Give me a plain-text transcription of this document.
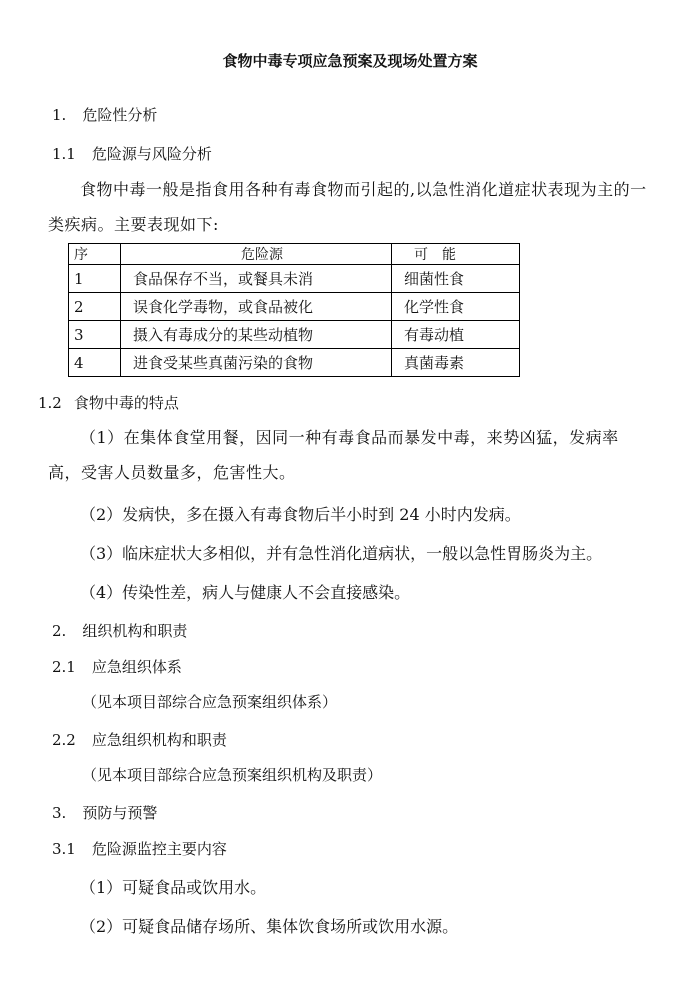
食物中毒专项应急预案及现场处置方案
1. 危险性分析
1.1 危险源与风险分析
食物中毒一般是指食用各种有毒食物而引起的,以急性消化道症状表现为主的一类疾病。主要表现如下:
序	危险源	可　能
1	食品保存不当，或餐具未消	细菌性食
2	误食化学毒物，或食品被化	化学性食
3	摄入有毒成分的某些动植物	有毒动植
4	进食受某些真菌污染的食物	真菌毒素
1.2 食物中毒的特点
（1）在集体食堂用餐，因同一种有毒食品而暴发中毒，来势凶猛，发病率高，受害人员数量多，危害性大。
（2）发病快，多在摄入有毒食物后半小时到 24 小时内发病。
（3）临床症状大多相似，并有急性消化道病状，一般以急性胃肠炎为主。
（4）传染性差，病人与健康人不会直接感染。
2. 组织机构和职责
2.1 应急组织体系
（见本项目部综合应急预案组织体系）
2.2 应急组织机构和职责
（见本项目部综合应急预案组织机构及职责）
3. 预防与预警
3.1 危险源监控主要内容
（1）可疑食品或饮用水。
（2）可疑食品储存场所、集体饮食场所或饮用水源。
